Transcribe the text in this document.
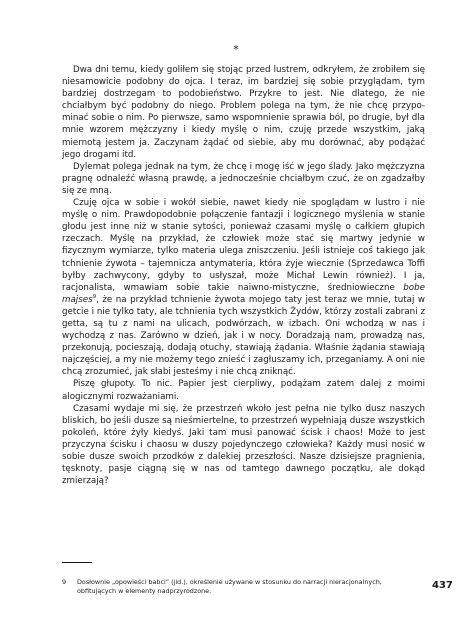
*

Dwa dni temu, kiedy goliłem się stojąc przed lustrem, odkryłem, że zrobiłem się niesamowicie podobny do ojca. I teraz, im bardziej się sobie przyglądam, tym bardziej dostrzegam to podobieństwo. Przykre to jest. Nie dlatego, że nie chciałbym być podobny do niego. Problem polega na tym, że nie chcę przypominać sobie o nim. Po pierwsze, samo wspomnienie sprawia ból, po drugie, był dla mnie wzorem mężczyzny i kiedy myślę o nim, czuję przede wszystkim, jaką miernotą jestem ja. Zaczynam żądać od siebie, aby mu dorównać, aby podążać jego drogami itd.

Dylemat polega jednak na tym, że chcę i mogę iść w jego ślady. Jako mężczyzna pragnę odnaleźć własną prawdę, a jednocześnie chciałbym czuć, że on zgadzałby się ze mną.

Czuję ojca w sobie i wokół siebie, nawet kiedy nie spoglądam w lustro i nie myślę o nim. Prawdopodobnie połączenie fantazji i logicznego myślenia w stanie głodu jest inne niż w stanie sytości, ponieważ czasami myślę o całkiem głupich rzeczach. Myślę na przykład, że człowiek może stać się martwy jedynie w fizycznym wymiarze, tylko materia ulega zniszczeniu. Jeśli istnieje coś takiego jak tchnienie żywota – tajemnicza antymateria, która żyje wiecznie (Sprzedawca Toffi byłby zachwycony, gdyby to usłyszał, może Michał Lewin również). I ja, racjonalista, wmawiam sobie takie naiwno-mistyczne, średniowieczne bobe majses$^9$, że na przykład tchnienie żywota mojego taty jest teraz we mnie, tutaj w getcie i nie tylko taty, ale tchnienia tych wszystkich Żydów, którzy zostali zabrani z getta, są tu z nami na ulicach, podwórzach, w izbach. Oni wchodzą w nas i wychodzą z nas. Zarówno w dzień, jak i w nocy. Doradzają nam, prowadzą nas, przekonują, pocieszają, dodają otuchy, stawiają żądania. Właśnie żądania stawiają najczęściej, a my nie możemy tego znieść i zagłuszamy ich, przeganiamy. A oni nie chcą zrozumieć, jak słabi jesteśmy i nie chcą zniknąć.

Piszę głupoty. To nic. Papier jest cierpliwy, podążam zatem dalej z moimi alogicznymi rozważaniami.

Czasami wydaje mi się, że przestrzeń wkoło jest pełna nie tylko dusz naszych bliskich, bo jeśli dusze są nieśmiertelne, to przestrzeń wypełniają dusze wszystkich pokoleń, które żyły kiedyś. Jaki tam musi panować ścisk i chaos! Może to jest przyczyna ścisku i chaosu w duszy pojedynczego człowieka? Każdy musi nosić w sobie dusze swoich przodków z dalekiej przeszłości. Nasze dzisiejsze pragnienia, tęsknoty, pasje ciągną się w nas od tamtego dawnego początku, ale dokąd zmierzają?

9 Dosłownie „opowieści babci” (jid.), określenie używane w stosunku do narracji nieracjonalnych, obfitujących w elementy nadprzyrodzone.	437
